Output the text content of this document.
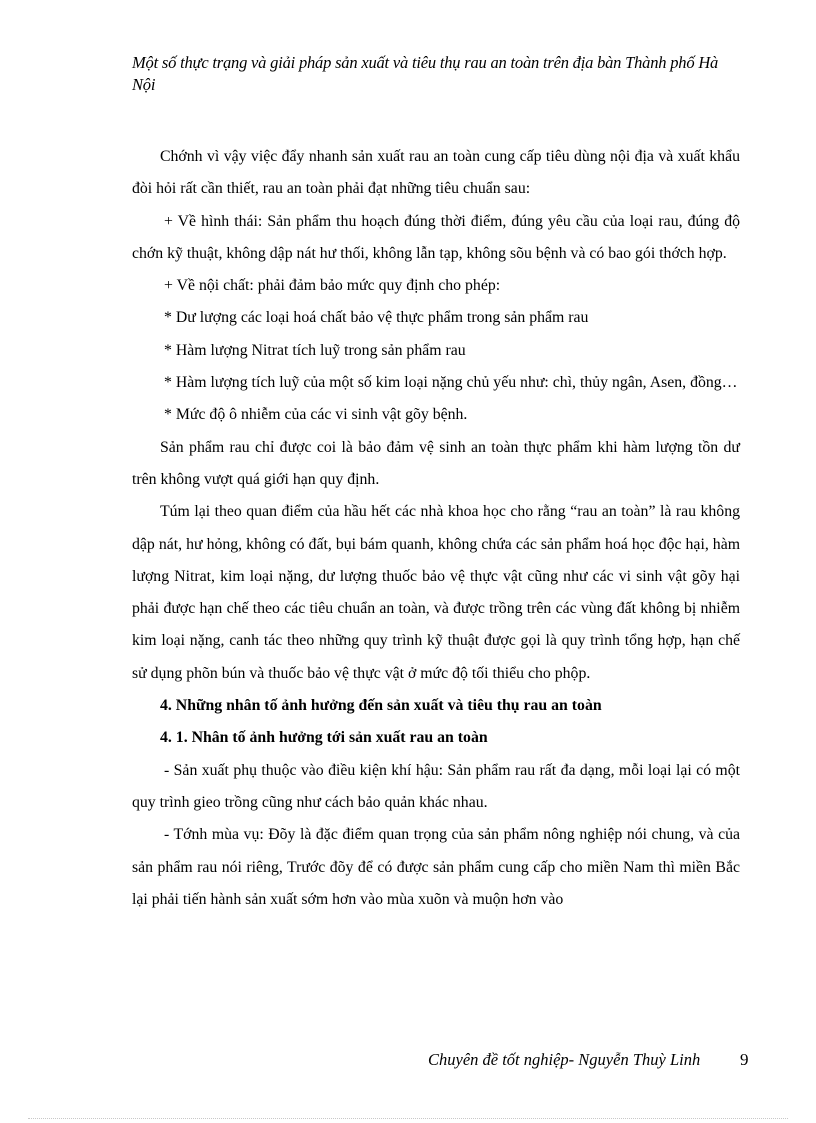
Một số thực trạng và giải pháp sản xuất và tiêu thụ rau an toàn trên địa bàn Thành phố Hà Nội

Chớnh vì vậy việc đẩy nhanh sản xuất rau an toàn cung cấp tiêu dùng nội địa và xuất khẩu đòi hỏi rất cần thiết, rau an toàn phải đạt những tiêu chuẩn sau:

+ Về hình thái: Sản phẩm thu hoạch đúng thời điểm, đúng yêu cầu của loại rau, đúng độ chớn kỹ thuật, không dập nát hư thối, không lẫn tạp, không sõu bệnh và có bao gói thớch hợp.

+ Về nội chất: phải đảm bảo mức quy định cho phép:

* Dư lượng các loại hoá chất bảo vệ thực phẩm trong sản phẩm rau

* Hàm lượng Nitrat tích luỹ trong sản phẩm rau

* Hàm lượng tích luỹ của một số kim loại nặng chủ yếu như: chì, thủy ngân, Asen, đồng…

* Mức độ ô nhiễm của các vi sinh vật gõy bệnh.

Sản phẩm rau chỉ được coi là bảo đảm vệ sinh an toàn thực phẩm khi hàm lượng tồn dư trên không vượt quá giới hạn quy định.

Túm lại theo quan điểm của hầu hết các nhà khoa học cho rằng “rau an toàn” là rau không dập nát, hư hỏng, không có đất, bụi bám quanh, không chứa các sản phẩm hoá học độc hại, hàm lượng Nitrat, kim loại nặng, dư lượng thuốc bảo vệ thực vật cũng như các vi sinh vật gõy hại phải được hạn chế theo các tiêu chuẩn an toàn, và được trồng trên các vùng đất không bị nhiễm kim loại nặng, canh tác theo những quy trình kỹ thuật được gọi là quy trình tổng hợp, hạn chế sử dụng phõn bún và thuốc bảo vệ thực vật ở mức độ tối thiểu cho phộp.

4. Những nhân tố ảnh hưởng đến sản xuất và tiêu thụ rau an toàn

4. 1. Nhân tố ảnh hưởng tới sản xuất rau an toàn

- Sản xuất phụ thuộc vào điều kiện khí hậu: Sản phẩm rau rất đa dạng, mỗi loại lại có một quy trình gieo trồng cũng như cách bảo quản khác nhau.

- Tớnh mùa vụ: Đõy là đặc điểm quan trọng của sản phẩm nông nghiệp nói chung, và của sản phẩm rau nói riêng, Trước đõy để có được sản phẩm cung cấp cho miền Nam thì miền Bắc lại phải tiến hành sản xuất sớm hơn vào mùa xuõn và muộn hơn vào

Chuyên đề tốt nghiệp- Nguyễn Thuỳ Linh 9
